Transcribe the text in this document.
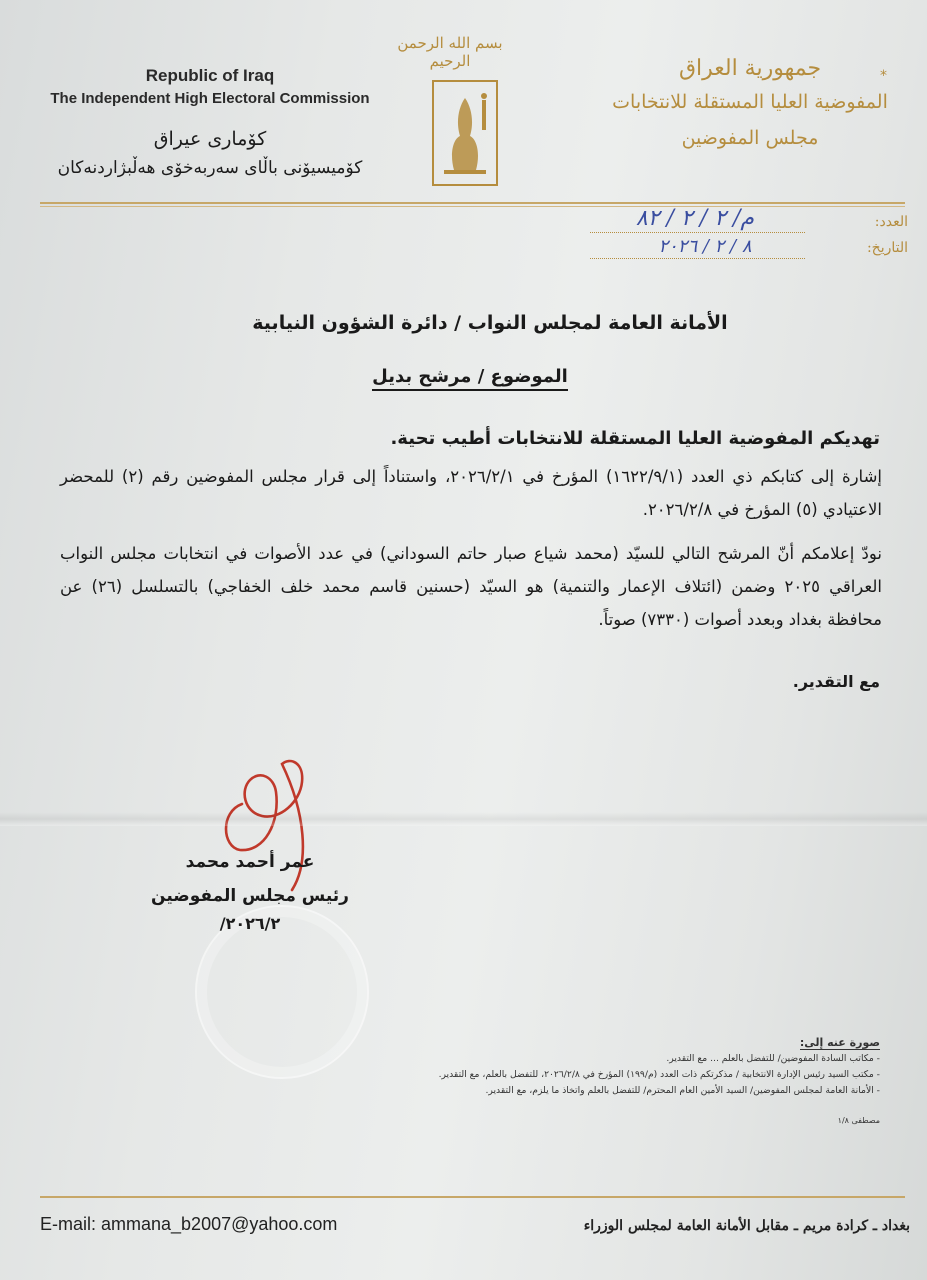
Republic of Iraq
The Independent High Electoral Commission
کۆماری عیراق
کۆمیسیۆنی باڵای سەربەخۆی هەڵبژاردنەکان
بسم الله الرحمن الرحيم	جمهورية العراق
المفوضية العليا المستقلة للانتخابات
مجلس المفوضين
*
العدد:
م/ ٢ / ٢ / ٨٢
التاريخ:
٨ / ٢ / ٢٠٢٦
الأمانة العامة لمجلس النواب / دائرة الشؤون النيابية
الموضوع / مرشح بديل
تهديكم المفوضية العليا المستقلة للانتخابات أطيب تحية.
إشارة إلى كتابكم ذي العدد (١٦٢٢/٩/١) المؤرخ في ٢٠٢٦/٢/١، واستناداً إلى قرار مجلس المفوضين رقم (٢) للمحضر الاعتيادي (٥) المؤرخ في ٢٠٢٦/٢/٨.
نودّ إعلامكم أنّ المرشح التالي للسيّد (محمد شياع صبار حاتم السوداني) في عدد الأصوات في انتخابات مجلس النواب العراقي ٢٠٢٥ وضمن (ائتلاف الإعمار والتنمية) هو السيّد (حسنين قاسم محمد خلف الخفاجي) بالتسلسل (٢٦) عن محافظة بغداد وبعدد أصوات (٧٣٣٠) صوتاً.
مع التقدير.
عمر أحمد محمد
رئيس مجلس المفوضين
٢٠٢٦/٢/
صورة عنه إلى:
- مكاتب السادة المفوضين/ للتفضل بالعلم ... مع التقدير.
- مكتب السيد رئيس الإدارة الانتخابية / مذكرتكم ذات العدد (م/١٩٩) المؤرخ في ٢٠٢٦/٢/٨، للتفضل بالعلم، مع التقدير.
- الأمانة العامة لمجلس المفوضين/ السيد الأمين العام المحترم/ للتفضل بالعلم واتخاذ ما يلزم، مع التقدير.
مصطفى ١/٨
E-mail: ammana_b2007@yahoo.com	بغداد ـ كرادة مريم ـ مقابل الأمانة العامة لمجلس الوزراء
